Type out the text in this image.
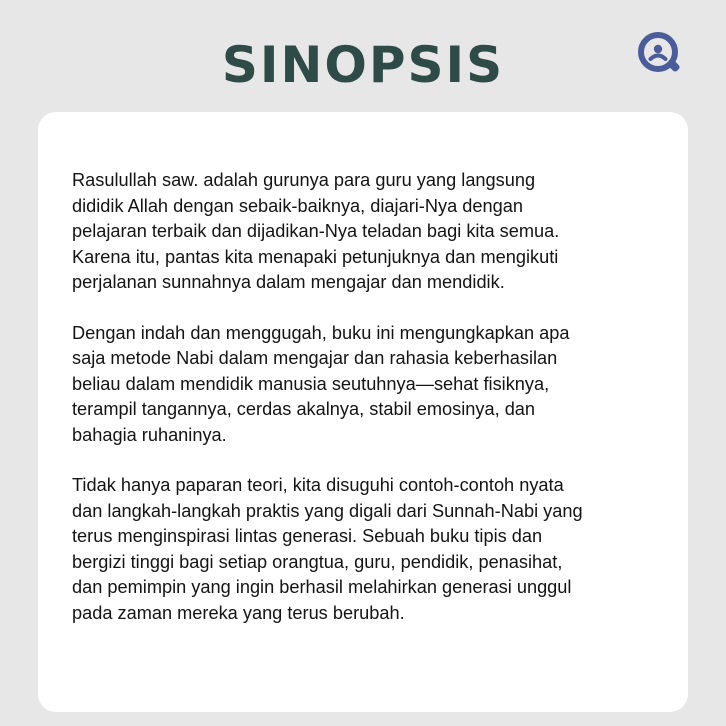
SINOPSIS

Rasulullah saw. adalah gurunya para guru yang langsung
dididik Allah dengan sebaik-baiknya, diajari-Nya dengan
pelajaran terbaik dan dijadikan-Nya teladan bagi kita semua.
Karena itu, pantas kita menapaki petunjuknya dan mengikuti
perjalanan sunnahnya dalam mengajar dan mendidik.

Dengan indah dan menggugah, buku ini mengungkapkan apa
saja metode Nabi dalam mengajar dan rahasia keberhasilan
beliau dalam mendidik manusia seutuhnya—sehat fisiknya,
terampil tangannya, cerdas akalnya, stabil emosinya, dan
bahagia ruhaninya.

Tidak hanya paparan teori, kita disuguhi contoh-contoh nyata
dan langkah-langkah praktis yang digali dari Sunnah-Nabi yang
terus menginspirasi lintas generasi. Sebuah buku tipis dan
bergizi tinggi bagi setiap orangtua, guru, pendidik, penasihat,
dan pemimpin yang ingin berhasil melahirkan generasi unggul
pada zaman mereka yang terus berubah.
